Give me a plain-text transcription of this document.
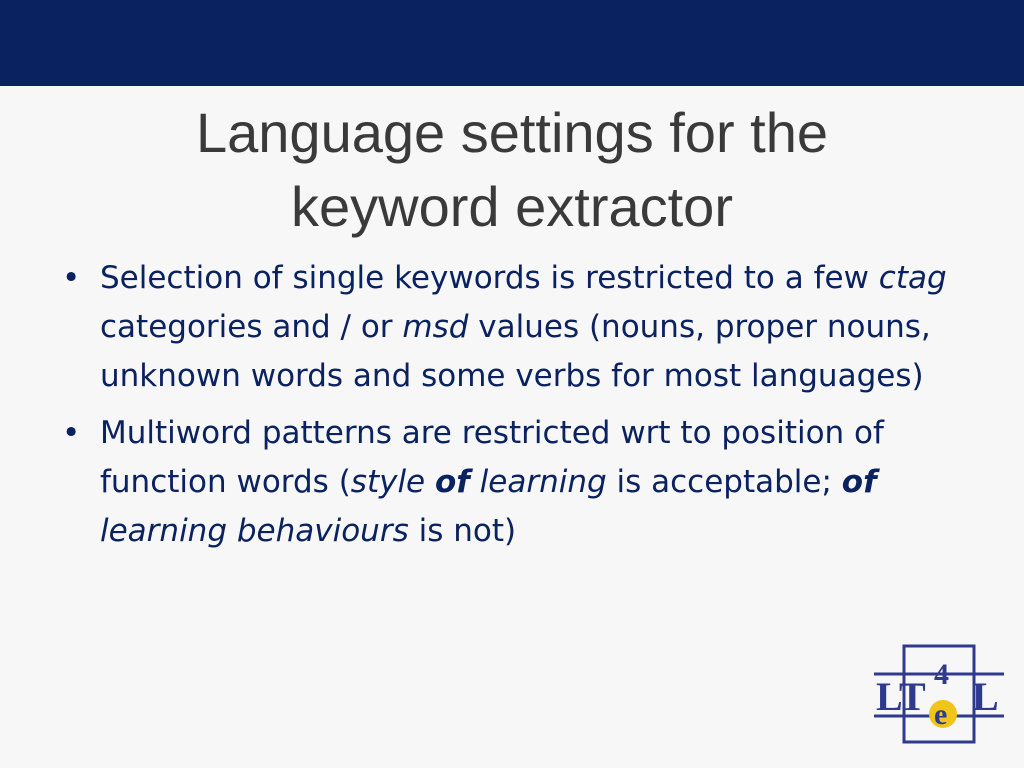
Language settings for the
keyword extractor
• Selection of single keywords is restricted to a few ctag categories and / or msd values (nouns, proper nouns, unknown words and some verbs for most languages)
• Multiword patterns are restricted wrt to position of function words (style of learning is acceptable; of learning behaviours is not)
LT 4
e L
